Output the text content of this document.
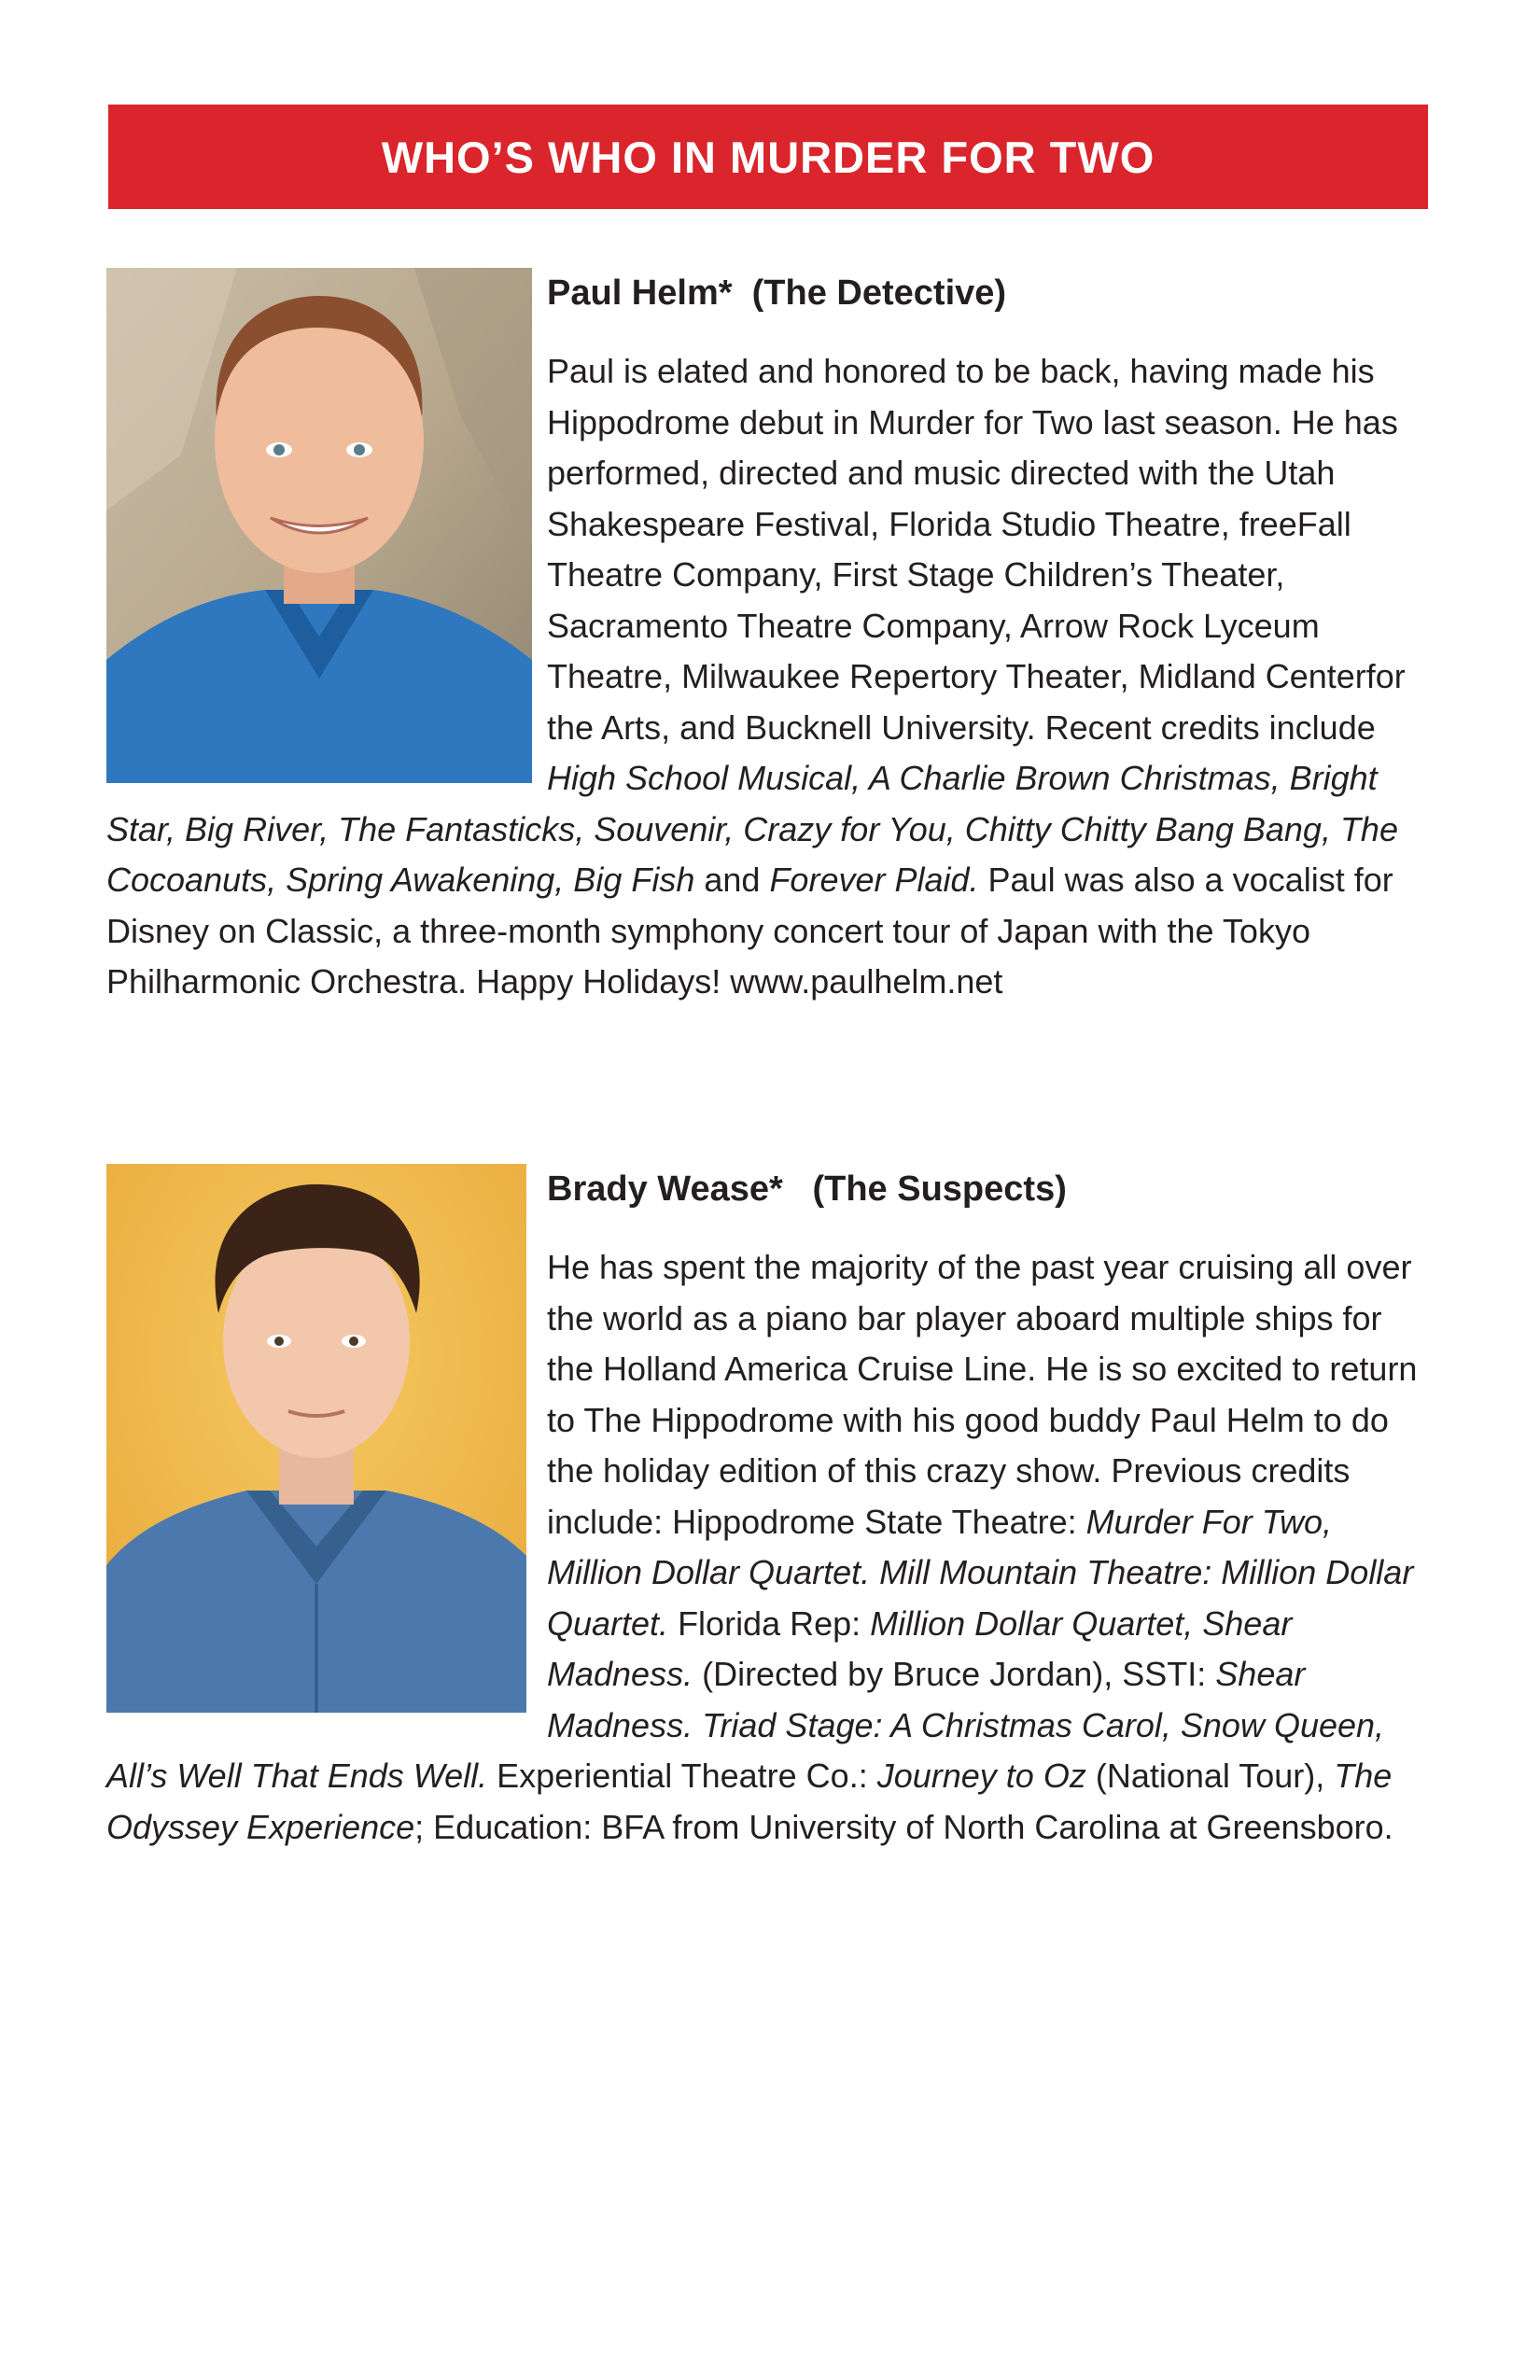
WHO’S WHO IN MURDER FOR TWO
Paul Helm* (The Detective)

Paul is elated and honored to be back, having made his Hippodrome debut in Murder for Two last season. He has performed, directed and music directed with the Utah Shakespeare Festival, Florida Studio Theatre, freeFall Theatre Company, First Stage Children’s Theater, Sacramento Theatre Company, Arrow Rock Lyceum Theatre, Milwaukee Repertory Theater, Midland Centerfor the Arts, and Bucknell University. Recent credits include High School Musical, A Charlie Brown Christmas, Bright Star, Big River, The Fantasticks, Souvenir, Crazy for You, Chitty Chitty Bang Bang, The Cocoanuts, Spring Awakening, Big Fish and Forever Plaid. Paul was also a vocalist for Disney on Classic, a three-month symphony concert tour of Japan with the Tokyo Philharmonic Orchestra. Happy Holidays! www.paulhelm.net

Brady Wease* (The Suspects)

He has spent the majority of the past year cruising all over the world as a piano bar player aboard multiple ships for the Holland America Cruise Line. He is so excited to return to The Hippodrome with his good buddy Paul Helm to do the holiday edition of this crazy show. Previous credits include: Hippodrome State Theatre: Murder For Two, Million Dollar Quartet. Mill Mountain Theatre: Million Dollar Quartet. Florida Rep: Million Dollar Quartet, Shear Madness. (Directed by Bruce Jordan), SSTI: Shear Madness. Triad Stage: A Christmas Carol, Snow Queen, All’s Well That Ends Well. Experiential Theatre Co.: Journey to Oz (National Tour), The Odyssey Experience; Education: BFA from University of North Carolina at Greensboro.
